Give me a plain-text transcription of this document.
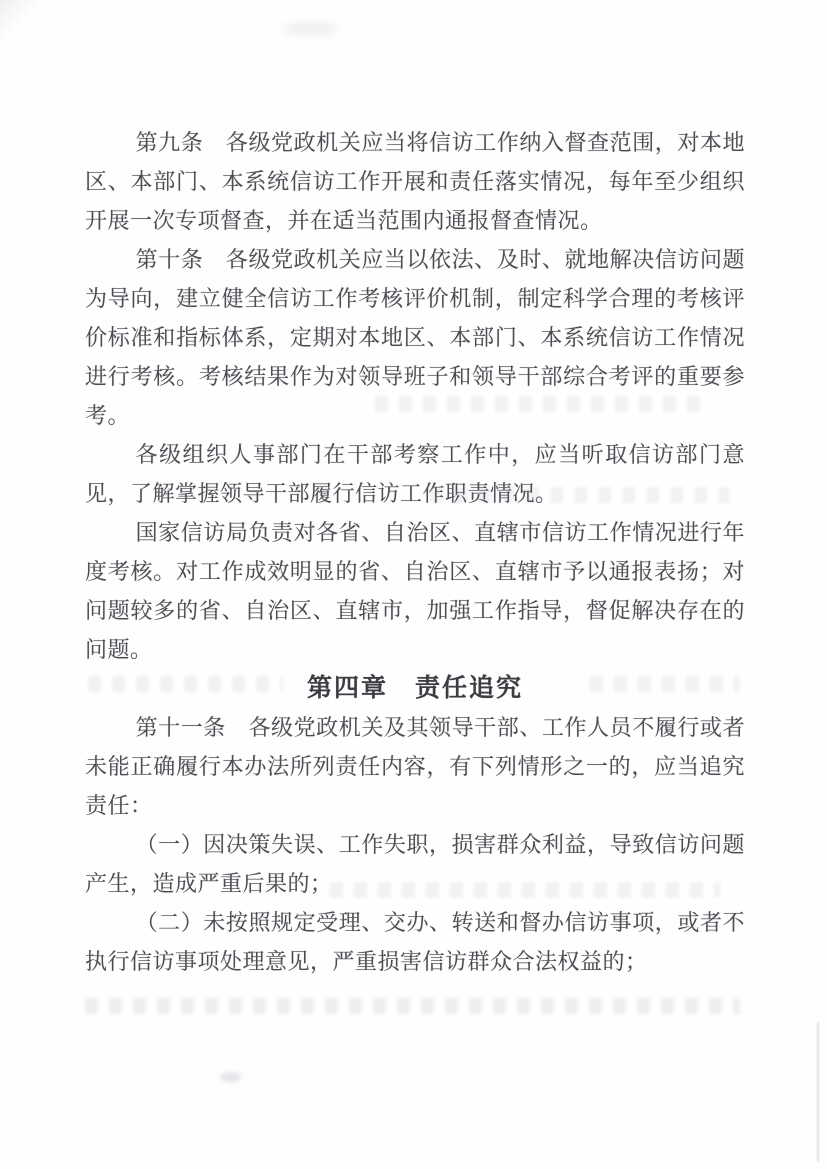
第九条　各级党政机关应当将信访工作纳入督查范围，对本地区、本部门、本系统信访工作开展和责任落实情况，每年至少组织开展一次专项督查，并在适当范围内通报督查情况。

第十条　各级党政机关应当以依法、及时、就地解决信访问题为导向，建立健全信访工作考核评价机制，制定科学合理的考核评价标准和指标体系，定期对本地区、本部门、本系统信访工作情况进行考核。考核结果作为对领导班子和领导干部综合考评的重要参考。

各级组织人事部门在干部考察工作中，应当听取信访部门意见，了解掌握领导干部履行信访工作职责情况。

国家信访局负责对各省、自治区、直辖市信访工作情况进行年度考核。对工作成效明显的省、自治区、直辖市予以通报表扬；对问题较多的省、自治区、直辖市，加强工作指导，督促解决存在的问题。

第四章　责任追究

第十一条　各级党政机关及其领导干部、工作人员不履行或者未能正确履行本办法所列责任内容，有下列情形之一的，应当追究责任：

（一）因决策失误、工作失职，损害群众利益，导致信访问题产生，造成严重后果的；

（二）未按照规定受理、交办、转送和督办信访事项，或者不执行信访事项处理意见，严重损害信访群众合法权益的；
